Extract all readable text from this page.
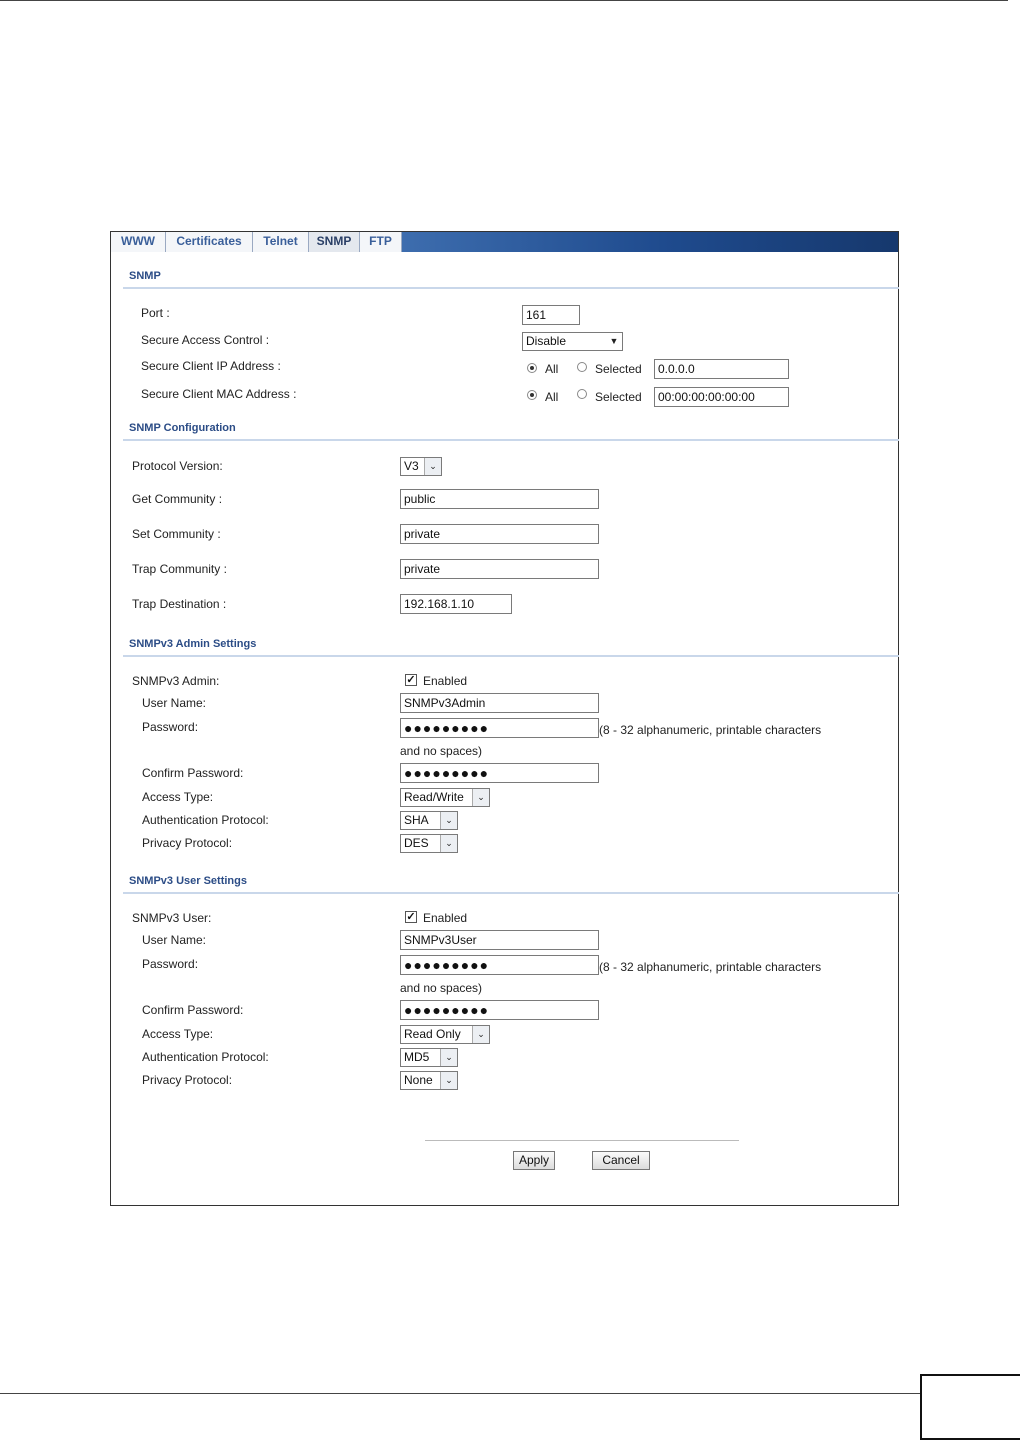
WWW	Certificates	Telnet	SNMP	FTP
SNMP
Port :	161
Secure Access Control :	Disable	▼
Secure Client IP Address :	All	Selected	0.0.0.0
Secure Client MAC Address :	All	Selected	00:00:00:00:00:00
SNMP Configuration
Protocol Version:	V3	⌄
Get Community :	public
Set Community :	private
Trap Community :	private
Trap Destination :	192.168.1.10
SNMPv3 Admin Settings
SNMPv3 Admin:	✓ Enabled
User Name:	SNMPv3Admin
Password:	●●●●●●●●●	(8 - 32 alphanumeric, printable characters
and no spaces)
Confirm Password:	●●●●●●●●●
Access Type:	Read/Write	⌄
Authentication Protocol:	SHA	⌄
Privacy Protocol:	DES	⌄
SNMPv3 User Settings
SNMPv3 User:	✓ Enabled
User Name:	SNMPv3User
Password:	●●●●●●●●●	(8 - 32 alphanumeric, printable characters
and no spaces)
Confirm Password:	●●●●●●●●●
Access Type:	Read Only	⌄
Authentication Protocol:	MD5	⌄
Privacy Protocol:	None	⌄
Apply	Cancel
